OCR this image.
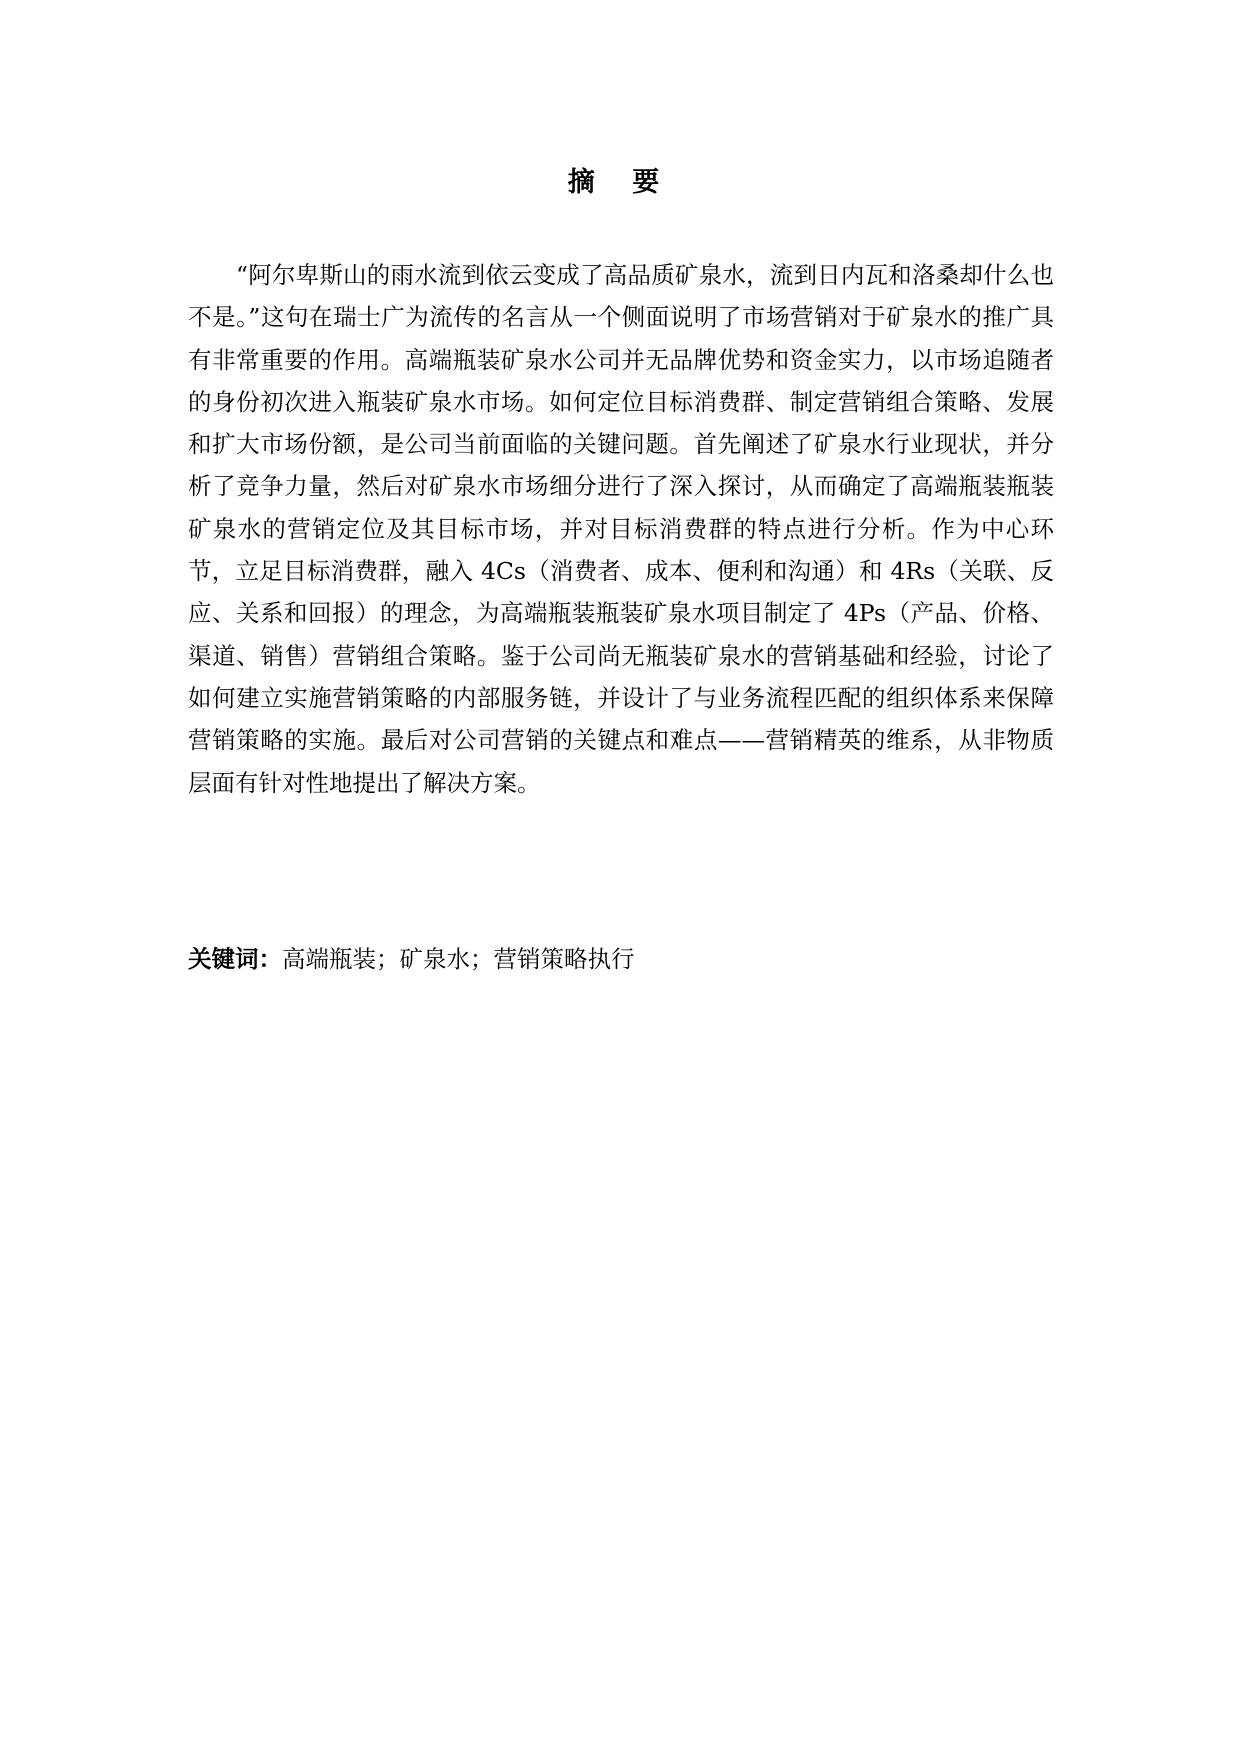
摘 要

“阿尔卑斯山的雨水流到依云变成了高品质矿泉水，流到日内瓦和洛桑却什么也不是。”这句在瑞士广为流传的名言从一个侧面说明了市场营销对于矿泉水的推广具有非常重要的作用。高端瓶装矿泉水公司并无品牌优势和资金实力，以市场追随者的身份初次进入瓶装矿泉水市场。如何定位目标消费群、制定营销组合策略、发展和扩大市场份额，是公司当前面临的关键问题。首先阐述了矿泉水行业现状，并分析了竞争力量，然后对矿泉水市场细分进行了深入探讨，从而确定了高端瓶装瓶装矿泉水的营销定位及其目标市场，并对目标消费群的特点进行分析。作为中心环节，立足目标消费群，融入 4Cs（消费者、成本、便利和沟通）和 4Rs（关联、反应、关系和回报）的理念，为高端瓶装瓶装矿泉水项目制定了 4Ps（产品、价格、渠道、销售）营销组合策略。鉴于公司尚无瓶装矿泉水的营销基础和经验，讨论了如何建立实施营销策略的内部服务链，并设计了与业务流程匹配的组织体系来保障营销策略的实施。最后对公司营销的关键点和难点——营销精英的维系，从非物质层面有针对性地提出了解决方案。

关键词：高端瓶装；矿泉水；营销策略执行
